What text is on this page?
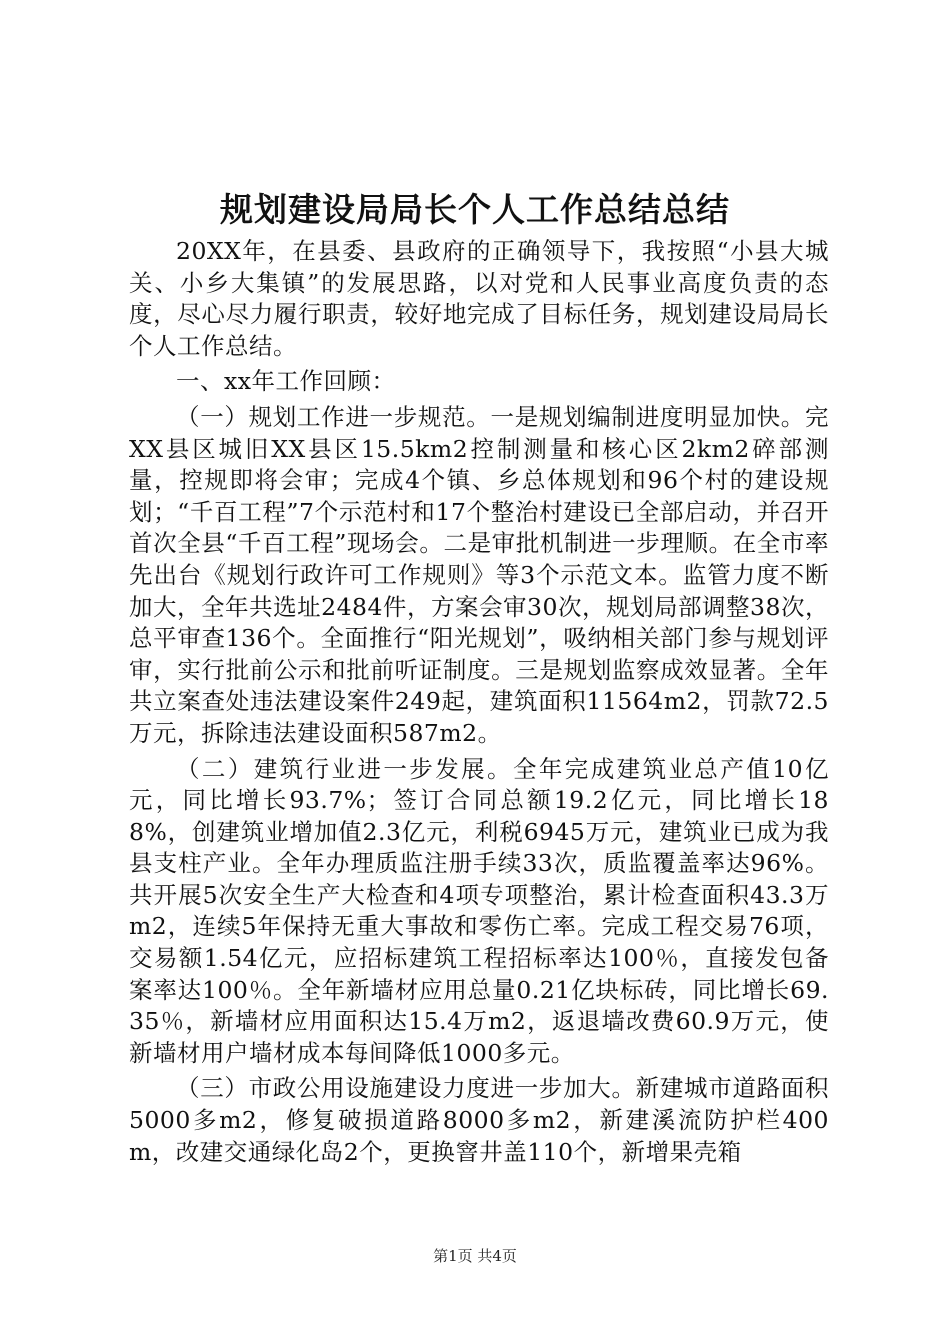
规划建设局局长个人工作总结总结

20XX年，在县委、县政府的正确领导下，我按照“小县大城关、小乡大集镇”的发展思路，以对党和人民事业高度负责的态度，尽心尽力履行职责，较好地完成了目标任务，规划建设局局长个人工作总结。

一、xx年工作回顾：

（一）规划工作进一步规范。一是规划编制进度明显加快。完XX县区城旧XX县区15.5km2控制测量和核心区2km2碎部测量，控规即将会审；完成4个镇、乡总体规划和96个村的建设规划；“千百工程”7个示范村和17个整治村建设已全部启动，并召开首次全县“千百工程”现场会。二是审批机制进一步理顺。在全市率先出台《规划行政许可工作规则》等3个示范文本。监管力度不断加大，全年共选址2484件，方案会审30次，规划局部调整38次，总平审查136个。全面推行“阳光规划”，吸纳相关部门参与规划评审，实行批前公示和批前听证制度。三是规划监察成效显著。全年共立案查处违法建设案件249起，建筑面积11564m2，罚款72.5万元，拆除违法建设面积587m2。

（二）建筑行业进一步发展。全年完成建筑业总产值10亿元，同比增长93.7%；签订合同总额19.2亿元，同比增长188%，创建筑业增加值2.3亿元，利税6945万元，建筑业已成为我县支柱产业。全年办理质监注册手续33次，质监覆盖率达96%。共开展5次安全生产大检查和4项专项整治，累计检查面积43.3万m2，连续5年保持无重大事故和零伤亡率。完成工程交易76项，交易额1.54亿元，应招标建筑工程招标率达100％，直接发包备案率达100％。全年新墙材应用总量0.21亿块标砖，同比增长69.35％，新墙材应用面积达15.4万m2，返退墙改费60.9万元，使新墙材用户墙材成本每间降低1000多元。

（三）市政公用设施建设力度进一步加大。新建城市道路面积5000多m2，修复破损道路8000多m2，新建溪流防护栏400m，改建交通绿化岛2个，更换窨井盖110个，新增果壳箱

第1页 共4页
